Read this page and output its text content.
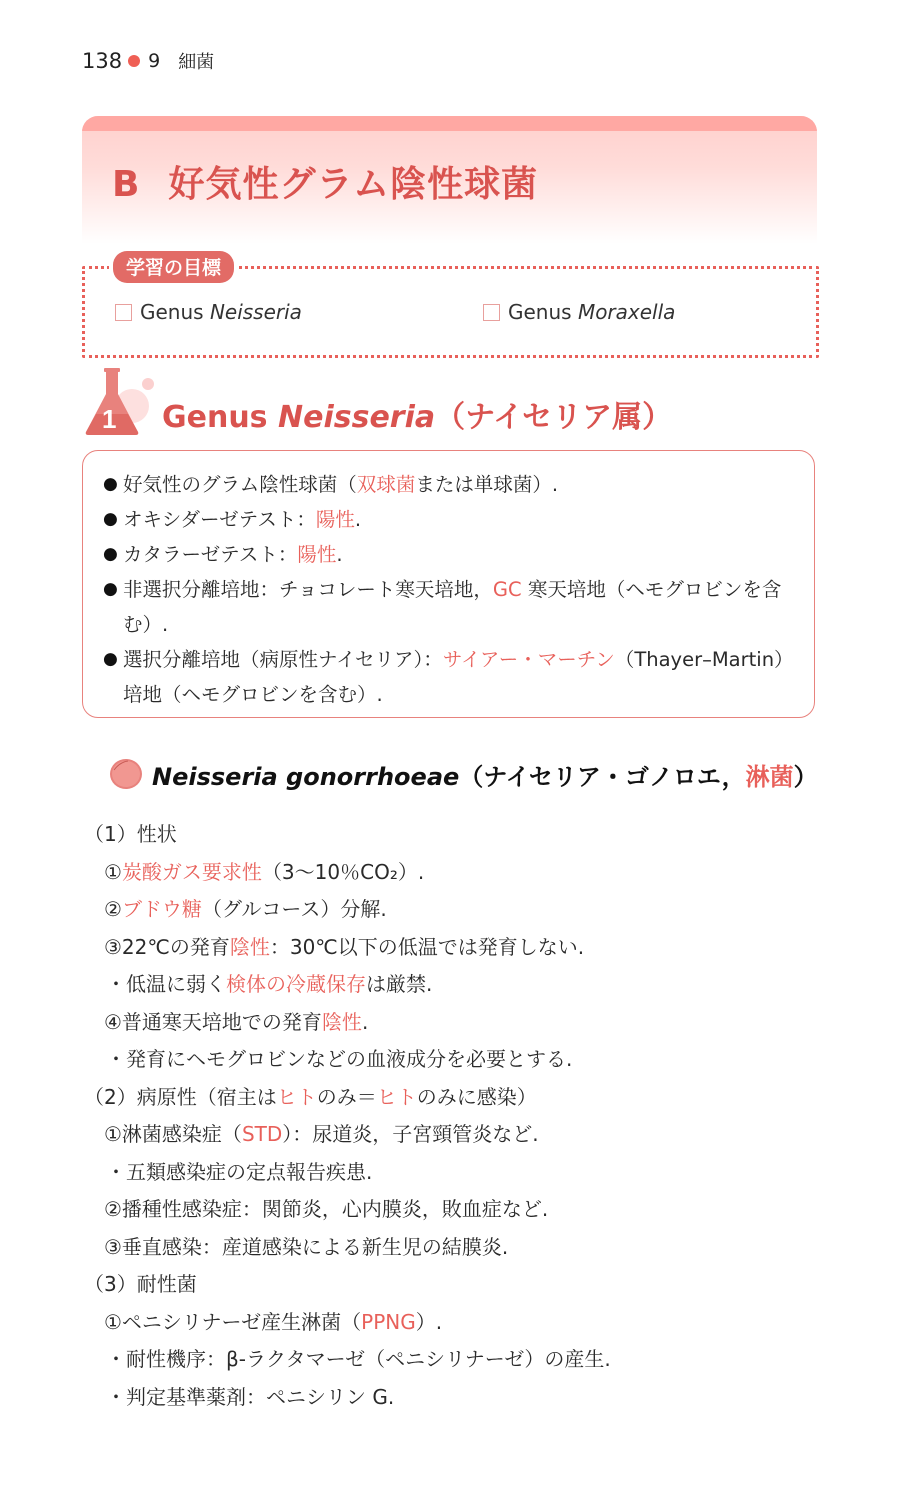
138 9 細菌
B 好気性グラム陰性球菌
学習の目標
Genus
Neisseria	Genus
Moraxella
1 Genus Neisseria（ナイセリア属）
● 好気性のグラム陰性球菌（双球菌または単球菌）.
● オキシダーゼテスト：陽性.
● カタラーゼテスト：陽性.
● 非選択分離培地：チョコレート寒天培地，GC 寒天培地（ヘモグロビンを含む）.
● 選択分離培地（病原性ナイセリア）：サイアー・マーチン（Thayer–Martin）培地（ヘモグロビンを含む）.
Neisseria gonorrhoeae（ナイセリア・ゴノロエ，淋菌）
（1）性状
①炭酸ガス要求性（3〜10％CO₂）.
②ブドウ糖（グルコース）分解.
③22℃の発育陰性：30℃以下の低温では発育しない.
・低温に弱く検体の冷蔵保存は厳禁.
④普通寒天培地での発育陰性.
・発育にヘモグロビンなどの血液成分を必要とする.
（2）病原性（宿主はヒトのみ＝ヒトのみに感染）
①淋菌感染症（STD）：尿道炎，子宮頸管炎など.
・五類感染症の定点報告疾患.
②播種性感染症：関節炎，心内膜炎，敗血症など.
③垂直感染：産道感染による新生児の結膜炎.
（3）耐性菌
①ペニシリナーゼ産生淋菌（PPNG）.
・耐性機序：β-ラクタマーゼ（ペニシリナーゼ）の産生.
・判定基準薬剤：ペニシリン G.
